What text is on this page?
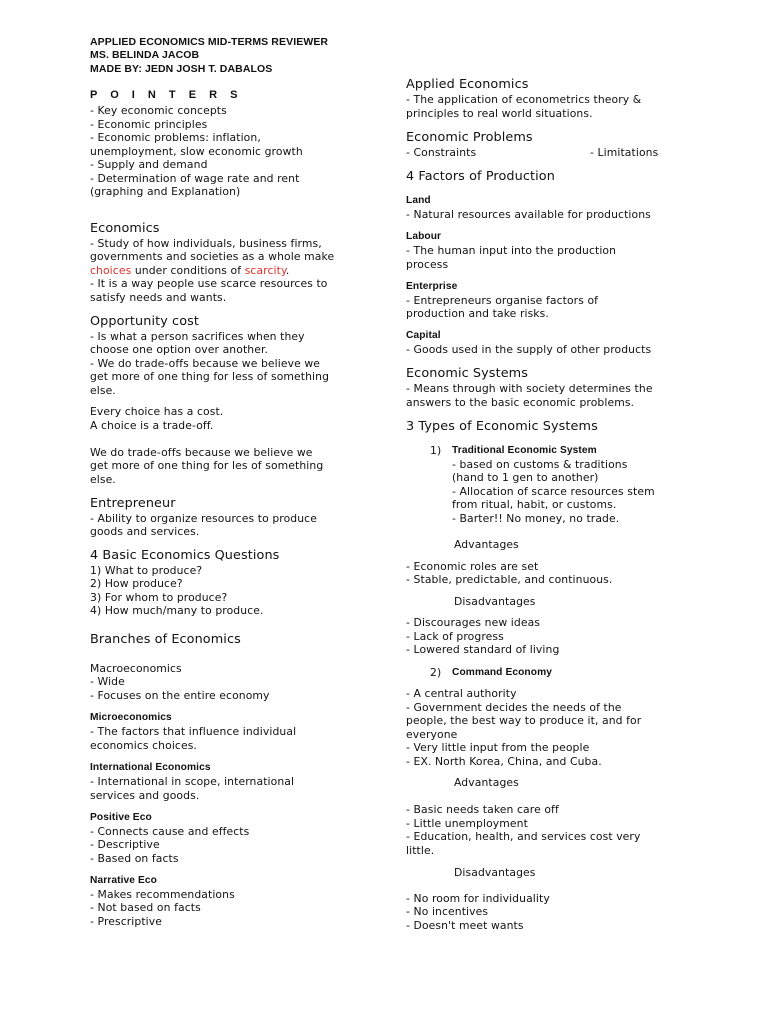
APPLIED ECONOMICS MID-TERMS REVIEWER
MS. BELINDA JACOB
MADE BY: JEDN JOSH T. DABALOS
P O I N T E R S
- Key economic concepts
- Economic principles
- Economic problems: inflation,
unemployment, slow economic growth
- Supply and demand
- Determination of wage rate and rent
(graphing and Explanation)
Economics
- Study of how individuals, business firms,
governments and societies as a whole make
choices under conditions of scarcity.
- It is a way people use scarce resources to
satisfy needs and wants.
Opportunity cost
- Is what a person sacrifices when they
choose one option over another.
- We do trade-offs because we believe we
get more of one thing for less of something
else.
Every choice has a cost.
A choice is a trade-off.
We do trade-offs because we believe we
get more of one thing for les of something
else.
Entrepreneur
- Ability to organize resources to produce
goods and services.
4 Basic Economics Questions
1) What to produce?
2) How produce?
3) For whom to produce?
4) How much/many to produce.
Branches of Economics
Macroeconomics
- Wide
- Focuses on the entire economy
Microeconomics
- The factors that influence individual
economics choices.
International Economics
- International in scope, international
services and goods.
Positive Eco
- Connects cause and effects
- Descriptive
- Based on facts
Narrative Eco
- Makes recommendations
- Not based on facts
- Prescriptive
Applied Economics
- The application of econometrics theory &
principles to real world situations.
Economic Problems
- Constraints	- Limitations
4 Factors of Production
Land
- Natural resources available for productions
Labour
- The human input into the production
process
Enterprise
- Entrepreneurs organise factors of
production and take risks.
Capital
- Goods used in the supply of other products
Economic Systems
- Means through with society determines the
answers to the basic economic problems.
3 Types of Economic Systems
1) Traditional Economic System
- based on customs & traditions
(hand to 1 gen to another)
- Allocation of scarce resources stem
from ritual, habit, or customs.
- Barter!! No money, no trade.
Advantages
- Economic roles are set
- Stable, predictable, and continuous.
Disadvantages
- Discourages new ideas
- Lack of progress
- Lowered standard of living
2) Command Economy
- A central authority
- Government decides the needs of the
people, the best way to produce it, and for
everyone
- Very little input from the people
- EX. North Korea, China, and Cuba.
Advantages
- Basic needs taken care off
- Little unemployment
- Education, health, and services cost very
little.
Disadvantages
- No room for individuality
- No incentives
- Doesn't meet wants
